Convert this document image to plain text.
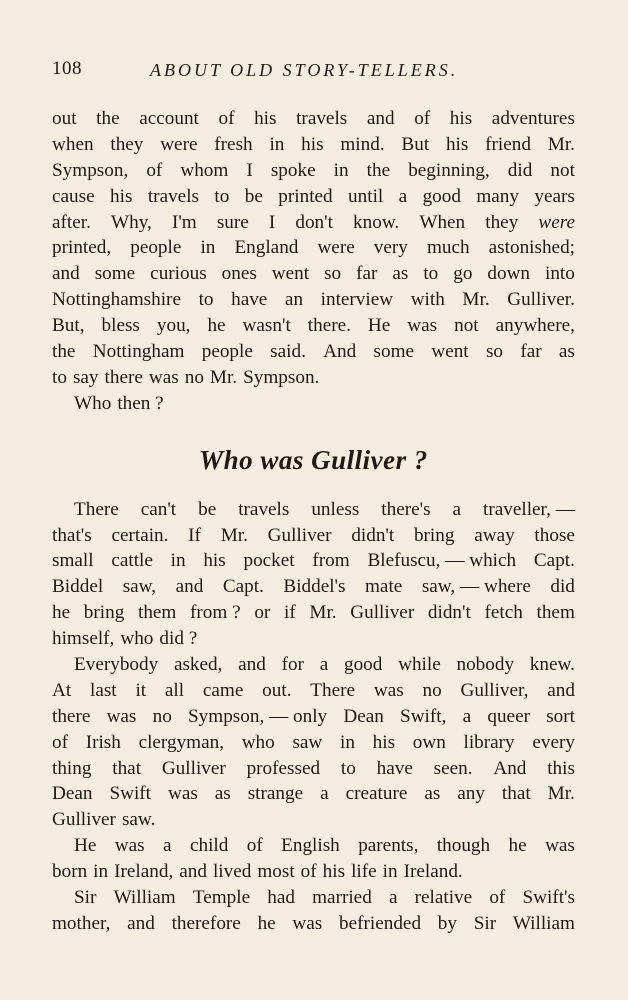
108	ABOUT OLD STORY-TELLERS.
out the account of his travels and of his adventures
when they were fresh in his mind. But his friend Mr.
Sympson, of whom I spoke in the beginning, did not
cause his travels to be printed until a good many years
after. Why, I'm sure I don't know. When they were
printed, people in England were very much astonished;
and some curious ones went so far as to go down into
Nottinghamshire to have an interview with Mr. Gulliver.
But, bless you, he wasn't there. He was not anywhere,
the Nottingham people said. And some went so far as
to say there was no Mr. Sympson.
Who then ?
Who was Gulliver ?
There can't be travels unless there's a traveller, —
that's certain. If Mr. Gulliver didn't bring away those
small cattle in his pocket from Blefuscu, — which Capt.
Biddel saw, and Capt. Biddel's mate saw, — where did
he bring them from ? or if Mr. Gulliver didn't fetch them
himself, who did ?
Everybody asked, and for a good while nobody knew.
At last it all came out. There was no Gulliver, and
there was no Sympson, — only Dean Swift, a queer sort
of Irish clergyman, who saw in his own library every
thing that Gulliver professed to have seen. And this
Dean Swift was as strange a creature as any that Mr.
Gulliver saw.
He was a child of English parents, though he was
born in Ireland, and lived most of his life in Ireland.
Sir William Temple had married a relative of Swift's
mother, and therefore he was befriended by Sir William
